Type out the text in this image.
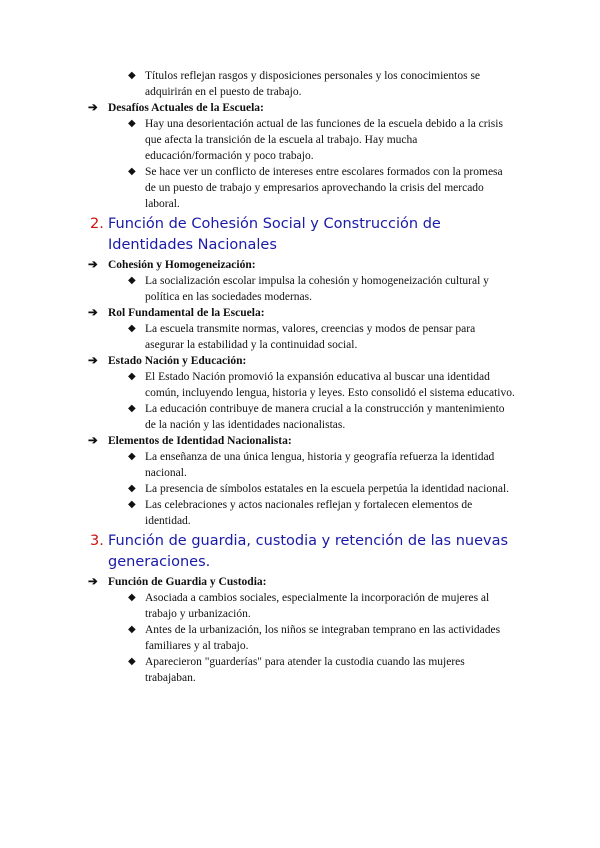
◆ Títulos reflejan rasgos y disposiciones personales y los conocimientos se adquirirán en el puesto de trabajo.
➔ Desafíos Actuales de la Escuela:
◆ Hay una desorientación actual de las funciones de la escuela debido a la crisis que afecta la transición de la escuela al trabajo. Hay mucha educación/formación y poco trabajo.
◆ Se hace ver un conflicto de intereses entre escolares formados con la promesa de un puesto de trabajo y empresarios aprovechando la crisis del mercado laboral.
2. Función de Cohesión Social y Construcción de Identidades Nacionales
➔ Cohesión y Homogeneización:
◆ La socialización escolar impulsa la cohesión y homogeneización cultural y política en las sociedades modernas.
➔ Rol Fundamental de la Escuela:
◆ La escuela transmite normas, valores, creencias y modos de pensar para asegurar la estabilidad y la continuidad social.
➔ Estado Nación y Educación:
◆ El Estado Nación promovió la expansión educativa al buscar una identidad común, incluyendo lengua, historia y leyes. Esto consolidó el sistema educativo.
◆ La educación contribuye de manera crucial a la construcción y mantenimiento de la nación y las identidades nacionalistas.
➔ Elementos de Identidad Nacionalista:
◆ La enseñanza de una única lengua, historia y geografía refuerza la identidad nacional.
◆ La presencia de símbolos estatales en la escuela perpetúa la identidad nacional.
◆ Las celebraciones y actos nacionales reflejan y fortalecen elementos de identidad.
3. Función de guardia, custodia y retención de las nuevas generaciones.
➔ Función de Guardia y Custodia:
◆ Asociada a cambios sociales, especialmente la incorporación de mujeres al trabajo y urbanización.
◆ Antes de la urbanización, los niños se integraban temprano en las actividades familiares y al trabajo.
◆ Aparecieron "guarderías" para atender la custodia cuando las mujeres trabajaban.
